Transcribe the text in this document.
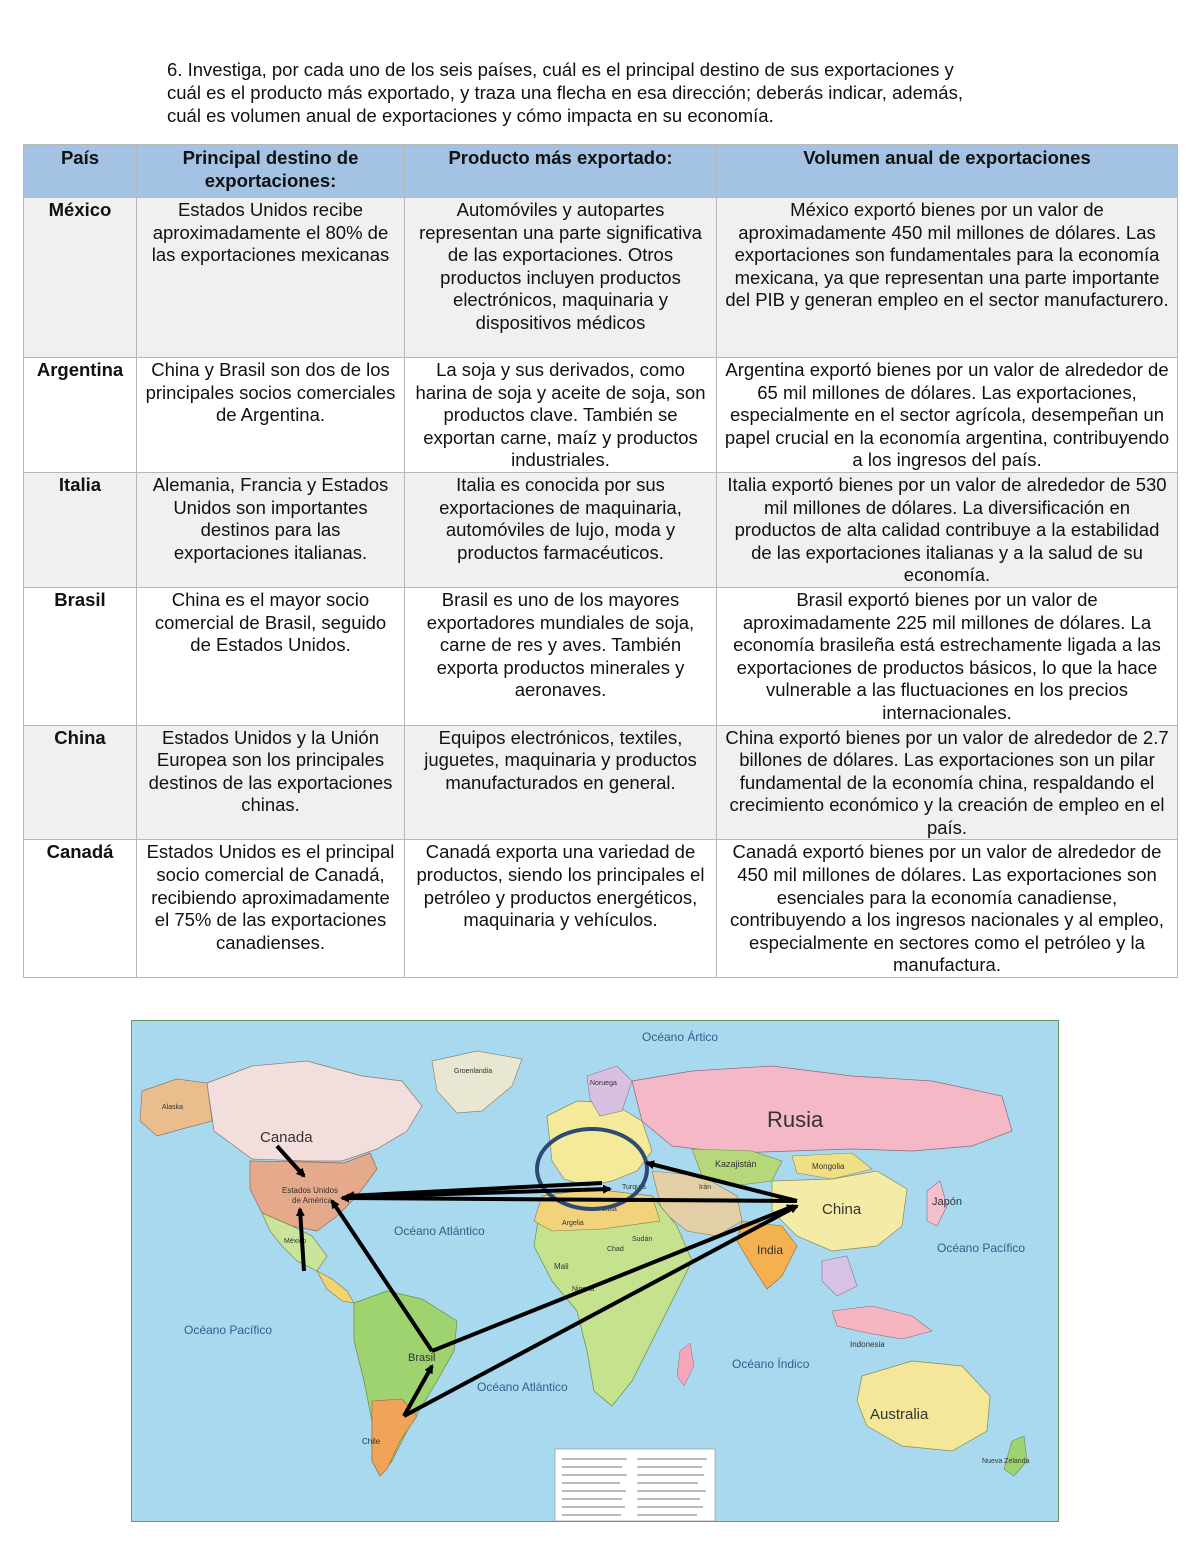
6. Investiga, por cada uno de los seis países, cuál es el principal destino de sus exportaciones y

cuál es el producto más exportado, y traza una flecha en esa dirección; deberás indicar, además,

cuál es volumen anual de exportaciones y cómo impacta en su economía.

País	Principal destino de exportaciones:	Producto más exportado:	Volumen anual de exportaciones
México	Estados Unidos recibe aproximadamente el 80% de las exportaciones mexicanas	Automóviles y autopartes representan una parte significativa de las exportaciones. Otros productos incluyen productos electrónicos, maquinaria y dispositivos médicos	México exportó bienes por un valor de aproximadamente 450 mil millones de dólares. Las exportaciones son fundamentales para la economía mexicana, ya que representan una parte importante del PIB y generan empleo en el sector manufacturero.
Argentina	China y Brasil son dos de los principales socios comerciales de Argentina.	La soja y sus derivados, como harina de soja y aceite de soja, son productos clave. También se exportan carne, maíz y productos industriales.	Argentina exportó bienes por un valor de alrededor de 65 mil millones de dólares. Las exportaciones, especialmente en el sector agrícola, desempeñan un papel crucial en la economía argentina, contribuyendo a los ingresos del país.
Italia	Alemania, Francia y Estados Unidos son importantes destinos para las exportaciones italianas.	Italia es conocida por sus exportaciones de maquinaria, automóviles de lujo, moda y productos farmacéuticos.	Italia exportó bienes por un valor de alrededor de 530 mil millones de dólares. La diversificación en productos de alta calidad contribuye a la estabilidad de las exportaciones italianas y a la salud de su economía.
Brasil	China es el mayor socio comercial de Brasil, seguido de Estados Unidos.	Brasil es uno de los mayores exportadores mundiales de soja, carne de res y aves. También exporta productos minerales y aeronaves.	Brasil exportó bienes por un valor de aproximadamente 225 mil millones de dólares. La economía brasileña está estrechamente ligada a las exportaciones de productos básicos, lo que la hace vulnerable a las fluctuaciones en los precios internacionales.
China	Estados Unidos y la Unión Europea son los principales destinos de las exportaciones chinas.	Equipos electrónicos, textiles, juguetes, maquinaria y productos manufacturados en general.	China exportó bienes por un valor de alrededor de 2.7 billones de dólares. Las exportaciones son un pilar fundamental de la economía china, respaldando el crecimiento económico y la creación de empleo en el país.
Canadá	Estados Unidos es el principal socio comercial de Canadá, recibiendo aproximadamente el 75% de las exportaciones canadienses.	Canadá exporta una variedad de productos, siendo los principales el petróleo y productos energéticos, maquinaria y vehículos.	Canadá exportó bienes por un valor de alrededor de 450 mil millones de dólares. Las exportaciones son esenciales para la economía canadiense, contribuyendo a los ingresos nacionales y al empleo, especialmente en sectores como el petróleo y la manufactura.
Océano Ártico
Rusia
Canada
Estados Unidos
de América
Océano Atlántico
Océano Atlántico
Océano Pacífico
Océano Pacífico
Océano Índico
China	Japón
India
Brasil
Australia
Kazajistán	Mongolia
Groenlandia
Noruega
Alaska
México
Chile
Indonesia
Nueva Zelanda
Libia
Mali
Chad
Sudán
Irán
Turquía
Nigeria
Argelia
